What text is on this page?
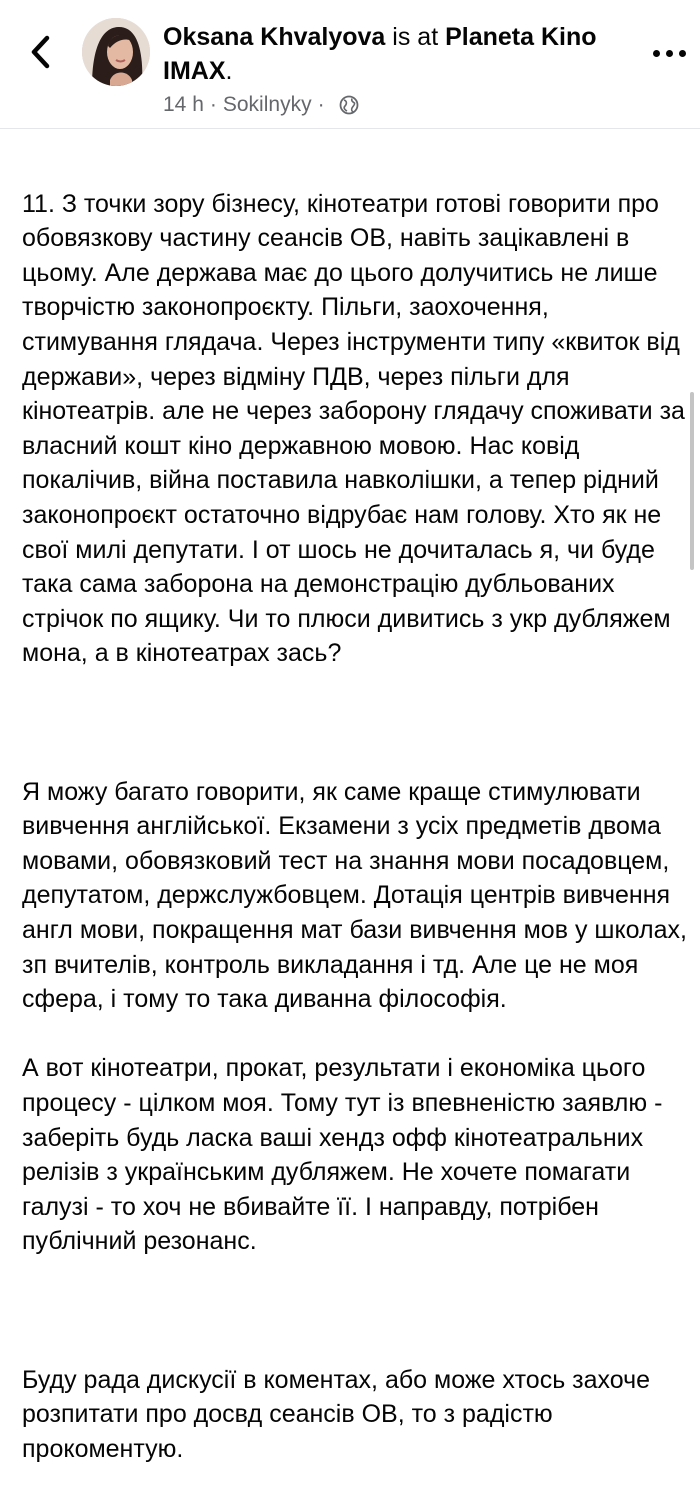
Oksana Khvalyova is at Planeta Kino IMAX.
14 h · Sokilnyky ·

11. З точки зору бізнесу, кінотеатри готові говорити про обовязкову частину сеансів ОВ, навіть зацікавлені в цьому. Але держава має до цього долучитись не лише творчістю законопроєкту. Пільги, заохочення, стимування глядача. Через інструменти типу «квиток від держави», через відміну ПДВ, через пільги для кінотеатрів. але не через заборону глядачу споживати за власний кошт кіно державною мовою. Нас ковід покалічив, війна поставила навколішки, а тепер рідний законопроєкт остаточно відрубає нам голову. Хто як не свої милі депутати. І от шось не дочиталась я, чи буде така сама заборона на демонстрацію дубльованих стрічок по ящику. Чи то плюси дивитись з укр дубляжем мона, а в кінотеатрах зась?

Я можу багато говорити, як саме краще стимулювати вивчення англійської. Екзамени з усіх предметів двома мовами, обовязковий тест на знання мови посадовцем, депутатом, держслужбовцем. Дотація центрів вивчення англ мови, покращення мат бази вивчення мов у школах, зп вчителів, контроль викладання і тд. Але це не моя сфера, і тому то така диванна філософія.

А вот кінотеатри, прокат, результати і економіка цього процесу - цілком моя. Тому тут із впевненістю заявлю - заберіть будь ласка ваші хендз офф кінотеатральних релізів з українським дубляжем. Не хочете помагати галузі - то хоч не вбивайте її. І направду, потрібен публічний резонанс.

Буду рада дискусії в коментах, або може хтось захоче розпитати про досвд сеансів ОВ, то з радістю прокоментую.
